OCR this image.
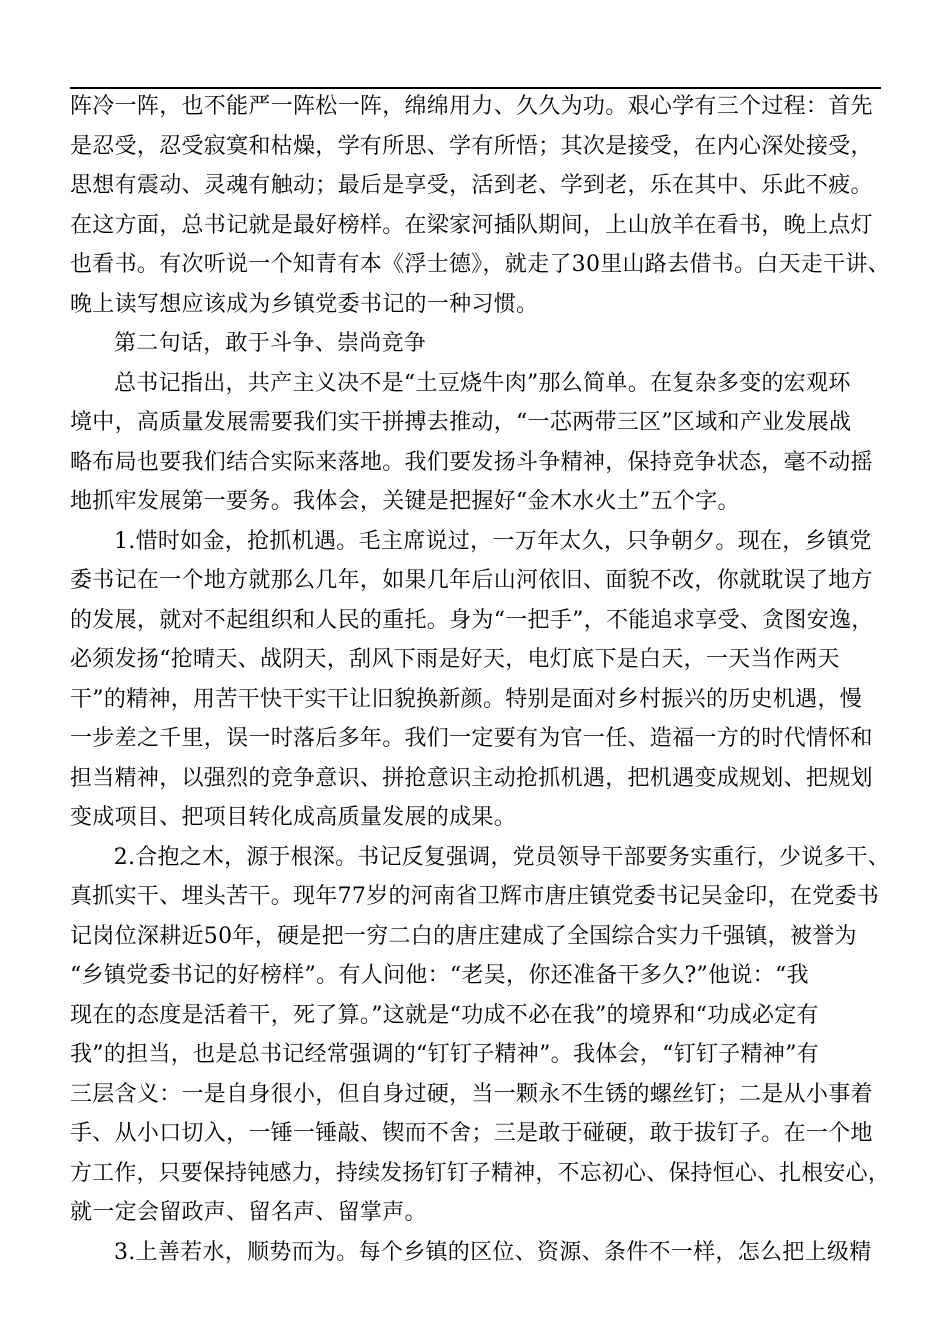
阵冷一阵，也不能严一阵松一阵，绵绵用力、久久为功。艰心学有三个过程：首先
是忍受，忍受寂寞和枯燥，学有所思、学有所悟；其次是接受，在内心深处接受，
思想有震动、灵魂有触动；最后是享受，活到老、学到老，乐在其中、乐此不疲。
在这方面，总书记就是最好榜样。在梁家河插队期间，上山放羊在看书，晚上点灯
也看书。有次听说一个知青有本《浮士德》，就走了30里山路去借书。白天走干讲、
晚上读写想应该成为乡镇党委书记的一种习惯。
第二句话，敢于斗争、崇尚竞争
总书记指出，共产主义决不是“土豆烧牛肉”那么简单。在复杂多变的宏观环
境中，高质量发展需要我们实干拼搏去推动，“一芯两带三区”区域和产业发展战
略布局也要我们结合实际来落地。我们要发扬斗争精神，保持竞争状态，毫不动摇
地抓牢发展第一要务。我体会，关键是把握好“金木水火土”五个字。
1.惜时如金，抢抓机遇。毛主席说过，一万年太久，只争朝夕。现在，乡镇党
委书记在一个地方就那么几年，如果几年后山河依旧、面貌不改，你就耽误了地方
的发展，就对不起组织和人民的重托。身为“一把手”，不能追求享受、贪图安逸，
必须发扬“抢晴天、战阴天，刮风下雨是好天，电灯底下是白天，一天当作两天
干”的精神，用苦干快干实干让旧貌换新颜。特别是面对乡村振兴的历史机遇，慢
一步差之千里，误一时落后多年。我们一定要有为官一任、造福一方的时代情怀和
担当精神，以强烈的竞争意识、拼抢意识主动抢抓机遇，把机遇变成规划、把规划
变成项目、把项目转化成高质量发展的成果。
2.合抱之木，源于根深。书记反复强调，党员领导干部要务实重行，少说多干、
真抓实干、埋头苦干。现年77岁的河南省卫辉市唐庄镇党委书记吴金印，在党委书
记岗位深耕近50年，硬是把一穷二白的唐庄建成了全国综合实力千强镇，被誉为
“乡镇党委书记的好榜样”。有人问他：“老吴，你还准备干多久?”他说：“我
现在的态度是活着干，死了算。”这就是“功成不必在我”的境界和“功成必定有
我”的担当，也是总书记经常强调的“钉钉子精神”。我体会，“钉钉子精神”有
三层含义：一是自身很小，但自身过硬，当一颗永不生锈的螺丝钉；二是从小事着
手、从小口切入，一锤一锤敲、锲而不舍；三是敢于碰硬，敢于拔钉子。在一个地
方工作，只要保持钝感力，持续发扬钉钉子精神，不忘初心、保持恒心、扎根安心，
就一定会留政声、留名声、留掌声。
3.上善若水，顺势而为。每个乡镇的区位、资源、条件不一样，怎么把上级精
